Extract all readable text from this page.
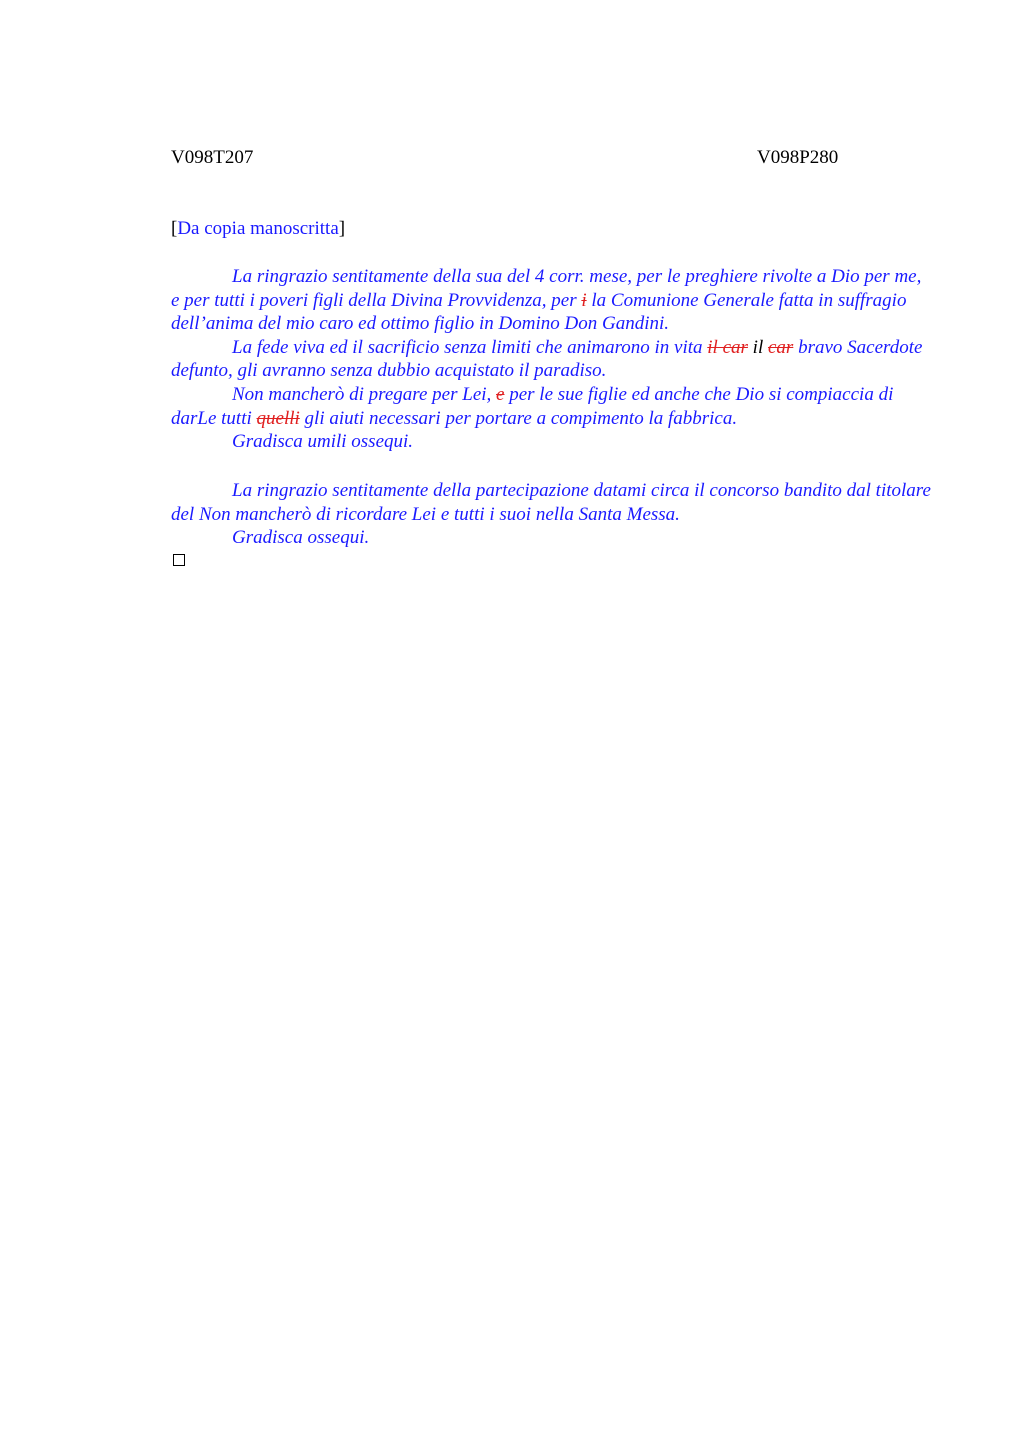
V098T207	V098P280
[Da copia manoscritta]

La ringrazio sentitamente della sua del 4 corr. mese, per le preghiere rivolte a Dio per me, e per tutti i poveri figli della Divina Provvidenza, per i la Comunione Generale fatta in suffragio dell’anima del mio caro ed ottimo figlio in Domino Don Gandini.

La fede viva ed il sacrificio senza limiti che animarono in vita il car il car bravo Sacerdote defunto, gli avranno senza dubbio acquistato il paradiso.

Non mancherò di pregare per Lei, e per le sue figlie ed anche che Dio si compiaccia di darLe tutti quelli gli aiuti necessari per portare a compimento la fabbrica.

Gradisca umili ossequi.

La ringrazio sentitamente della partecipazione datami circa il concorso bandito dal titolare del Non mancherò di ricordare Lei e tutti i suoi nella Santa Messa.

Gradisca ossequi.
